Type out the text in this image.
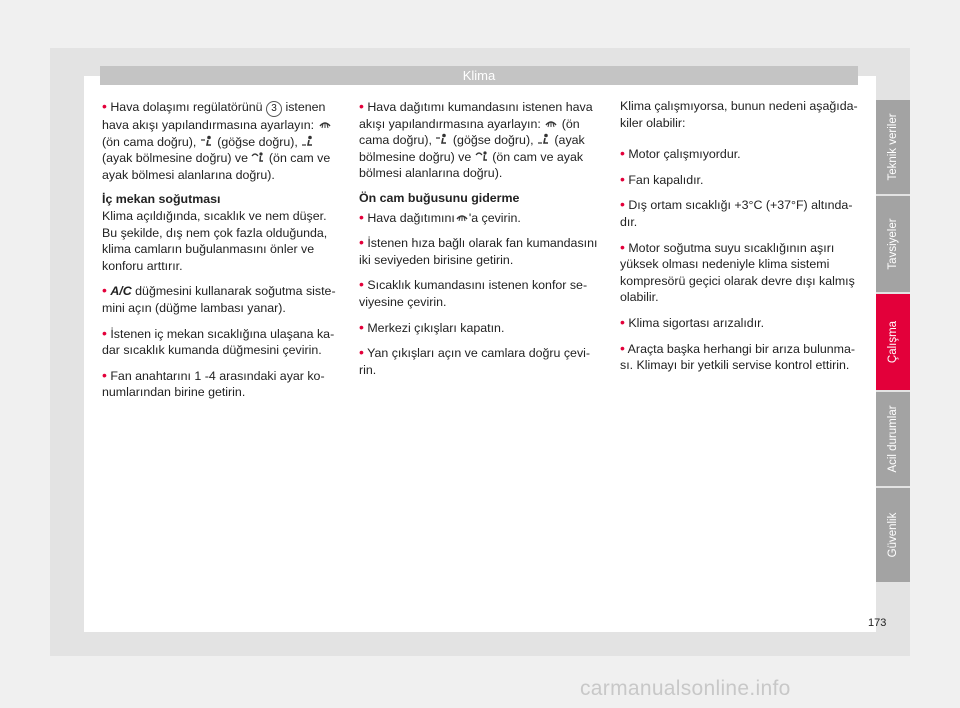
Klima

• Hava dolaşımı regülatörünü 3 istenen hava akışı yapılandırmasına ayarlayın:  (ön cama doğru), (göğse doğru),  (ayak bölmesine doğru) ve (ön cam ve ayak bölmesi alanlarına doğru).

İç mekan soğutması

Klima açıldığında, sıcaklık ve nem düşer. Bu şekilde, dış nem çok fazla olduğunda, klima camların buğulanmasını önler ve konforu arttırır.

• A/C düğmesini kullanarak soğutma sistemini açın (düğme lambası yanar).

• İstenen iç mekan sıcaklığına ulaşana kadar sıcaklık kumanda düğmesini çevirin.

• Fan anahtarını 1 -4 arasındaki ayar konumlarından birine getirin.

• Hava dağıtımı kumandasını istenen hava akışı yapılandırmasına ayarlayın: (ön cama doğru), (göğse doğru), (ayak bölmesine doğru) ve (ön cam ve ayak bölmesi alanlarına doğru).

Ön cam buğusunu giderme

• Hava dağıtımını 'a çevirin.

• İstenen hıza bağlı olarak fan kumandasını iki seviyeden birisine getirin.

• Sıcaklık kumandasını istenen konfor seviyesine çevirin.

• Merkezi çıkışları kapatın.

• Yan çıkışları açın ve camlara doğru çevirin.

Klima çalışmıyorsa, bunun nedeni aşağıdakiler olabilir:

• Motor çalışmıyordur.

• Fan kapalıdır.

• Dış ortam sıcaklığı +3°C (+37°F) altındadır.

• Motor soğutma suyu sıcaklığının aşırı yüksek olması nedeniyle klima sistemi kompresörü geçici olarak devre dışı kalmış olabilir.

• Klima sigortası arızalıdır.

• Araçta başka herhangi bir arıza bulunması. Klimayı bir yetkili servise kontrol ettirin.

Teknik veriler
Tavsiyeler
Çalışma
Acil durumlar
Güvenlik
173
carmanualsonline.info
